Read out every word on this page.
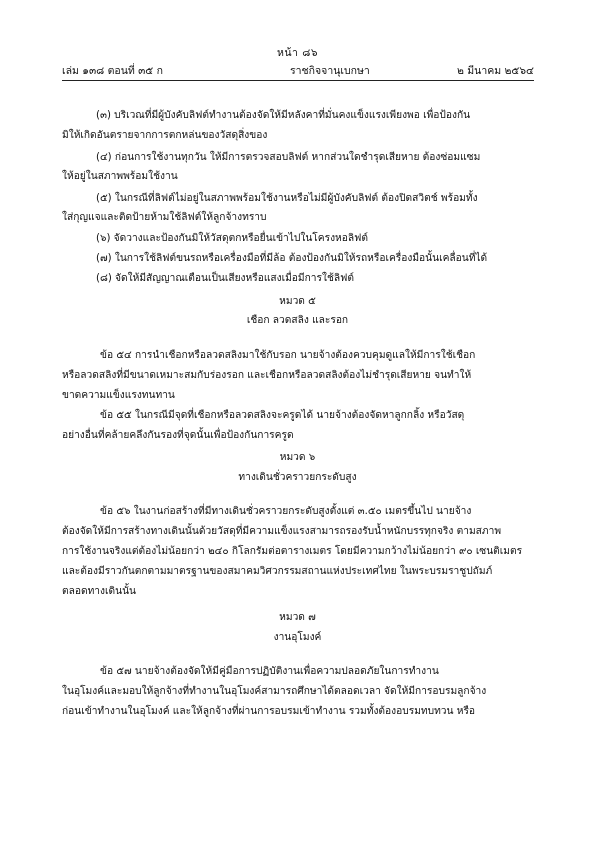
หน้า ๘๖
เล่ม ๑๓๘ ตอนที่ ๓๕ ก	ราชกิจจานุเบกษา	๒ มีนาคม ๒๕๖๔
(๓) บริเวณที่มีผู้บังคับลิฟต์ทำงานต้องจัดให้มีหลังคาที่มั่นคงแข็งแรงเพียงพอ เพื่อป้องกัน
มิให้เกิดอันตรายจากการตกหล่นของวัสดุสิ่งของ
(๔) ก่อนการใช้งานทุกวัน ให้มีการตรวจสอบลิฟต์ หากส่วนใดชำรุดเสียหาย ต้องซ่อมแซม
ให้อยู่ในสภาพพร้อมใช้งาน
(๕) ในกรณีที่ลิฟต์ไม่อยู่ในสภาพพร้อมใช้งานหรือไม่มีผู้บังคับลิฟต์ ต้องปิดสวิตช์ พร้อมทั้ง
ใส่กุญแจและติดป้ายห้ามใช้ลิฟต์ให้ลูกจ้างทราบ
(๖) จัดวางและป้องกันมิให้วัสดุตกหรือยื่นเข้าไปในโครงหอลิฟต์
(๗) ในการใช้ลิฟต์ขนรถหรือเครื่องมือที่มีล้อ ต้องป้องกันมิให้รถหรือเครื่องมือนั้นเคลื่อนที่ได้
(๘) จัดให้มีสัญญาณเตือนเป็นเสียงหรือแสงเมื่อมีการใช้ลิฟต์
หมวด ๕
เชือก ลวดสลิง และรอก
ข้อ ๕๔ การนำเชือกหรือลวดสลิงมาใช้กับรอก นายจ้างต้องควบคุมดูแลให้มีการใช้เชือก
หรือลวดสลิงที่มีขนาดเหมาะสมกับร่องรอก และเชือกหรือลวดสลิงต้องไม่ชำรุดเสียหาย จนทำให้
ขาดความแข็งแรงทนทาน
ข้อ ๕๕ ในกรณีมีจุดที่เชือกหรือลวดสลิงจะครูดได้ นายจ้างต้องจัดหาลูกกลิ้ง หรือวัสดุ
อย่างอื่นที่คล้ายคลึงกันรองที่จุดนั้นเพื่อป้องกันการครูด
หมวด ๖
ทางเดินชั่วคราวยกระดับสูง
ข้อ ๕๖ ในงานก่อสร้างที่มีทางเดินชั่วคราวยกระดับสูงตั้งแต่ ๓.๕๐ เมตรขึ้นไป นายจ้าง
ต้องจัดให้มีการสร้างทางเดินนั้นด้วยวัสดุที่มีความแข็งแรงสามารถรองรับน้ำหนักบรรทุกจริง ตามสภาพ
การใช้งานจริงแต่ต้องไม่น้อยกว่า ๒๔๐ กิโลกรัมต่อตารางเมตร โดยมีความกว้างไม่น้อยกว่า ๙๐ เซนติเมตร
และต้องมีราวกันตกตามมาตรฐานของสมาคมวิศวกรรมสถานแห่งประเทศไทย ในพระบรมราชูปถัมภ์
ตลอดทางเดินนั้น
หมวด ๗
งานอุโมงค์
ข้อ ๕๗ นายจ้างต้องจัดให้มีคู่มือการปฏิบัติงานเพื่อความปลอดภัยในการทำงาน
ในอุโมงค์และมอบให้ลูกจ้างที่ทำงานในอุโมงค์สามารถศึกษาได้ตลอดเวลา จัดให้มีการอบรมลูกจ้าง
ก่อนเข้าทำงานในอุโมงค์ และให้ลูกจ้างที่ผ่านการอบรมเข้าทำงาน รวมทั้งต้องอบรมทบทวน หรือ
